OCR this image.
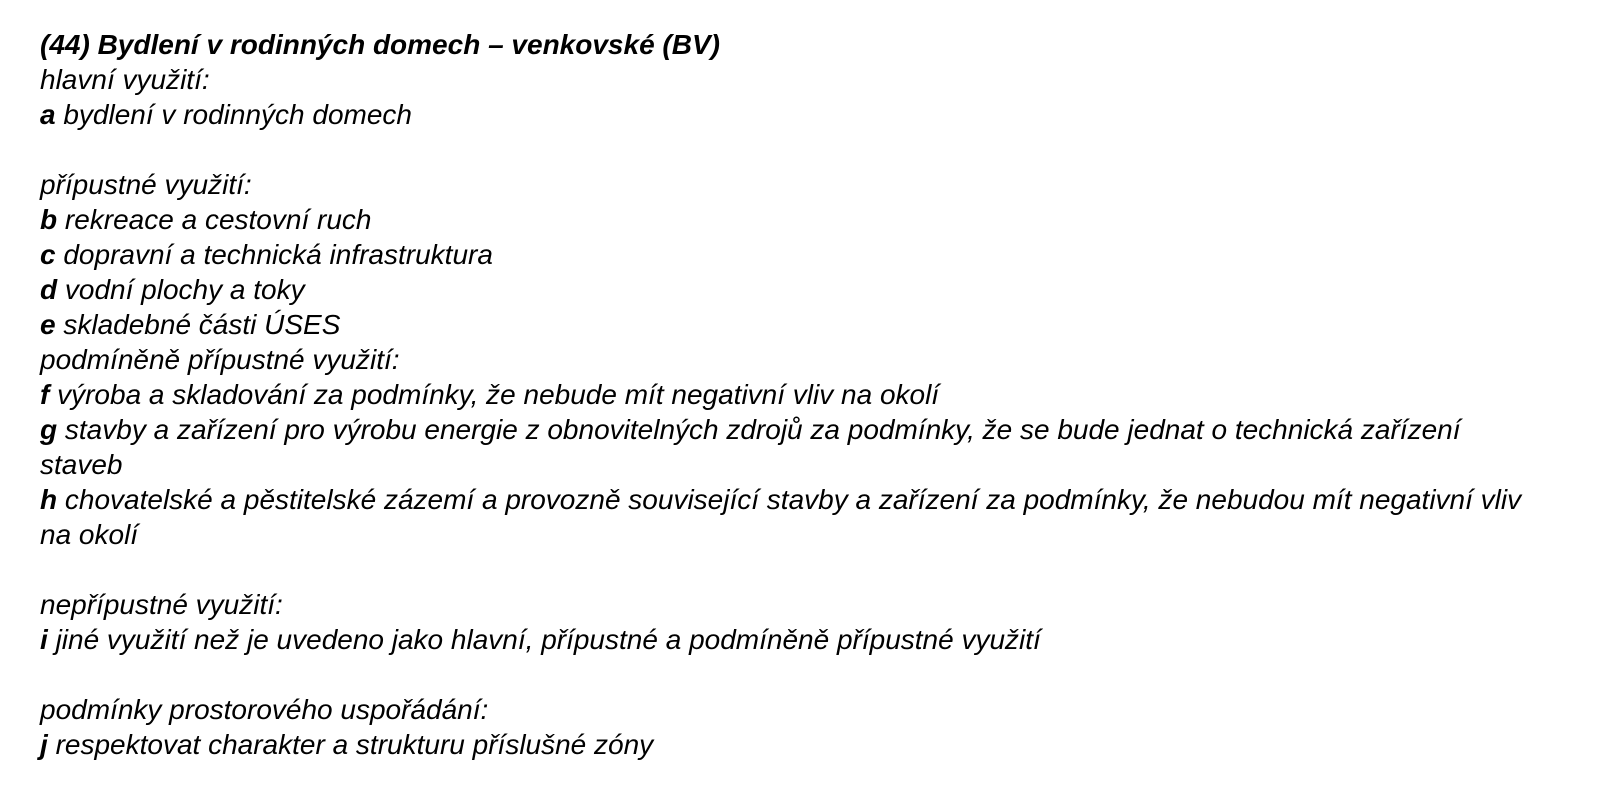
(44) Bydlení v rodinných domech – venkovské (BV)
hlavní využití:
a bydlení v rodinných domech
přípustné využití:
b rekreace a cestovní ruch
c dopravní a technická infrastruktura
d vodní plochy a toky
e skladebné části ÚSES
podmíněně přípustné využití:
f výroba a skladování za podmínky, že nebude mít negativní vliv na okolí
g stavby a zařízení pro výrobu energie z obnovitelných zdrojů za podmínky, že se bude jednat o technická zařízení staveb
h chovatelské a pěstitelské zázemí a provozně související stavby a zařízení za podmínky, že nebudou mít negativní vliv na okolí
nepřípustné využití:
i jiné využití než je uvedeno jako hlavní, přípustné a podmíněně přípustné využití
podmínky prostorového uspořádání:
j respektovat charakter a strukturu příslušné zóny
